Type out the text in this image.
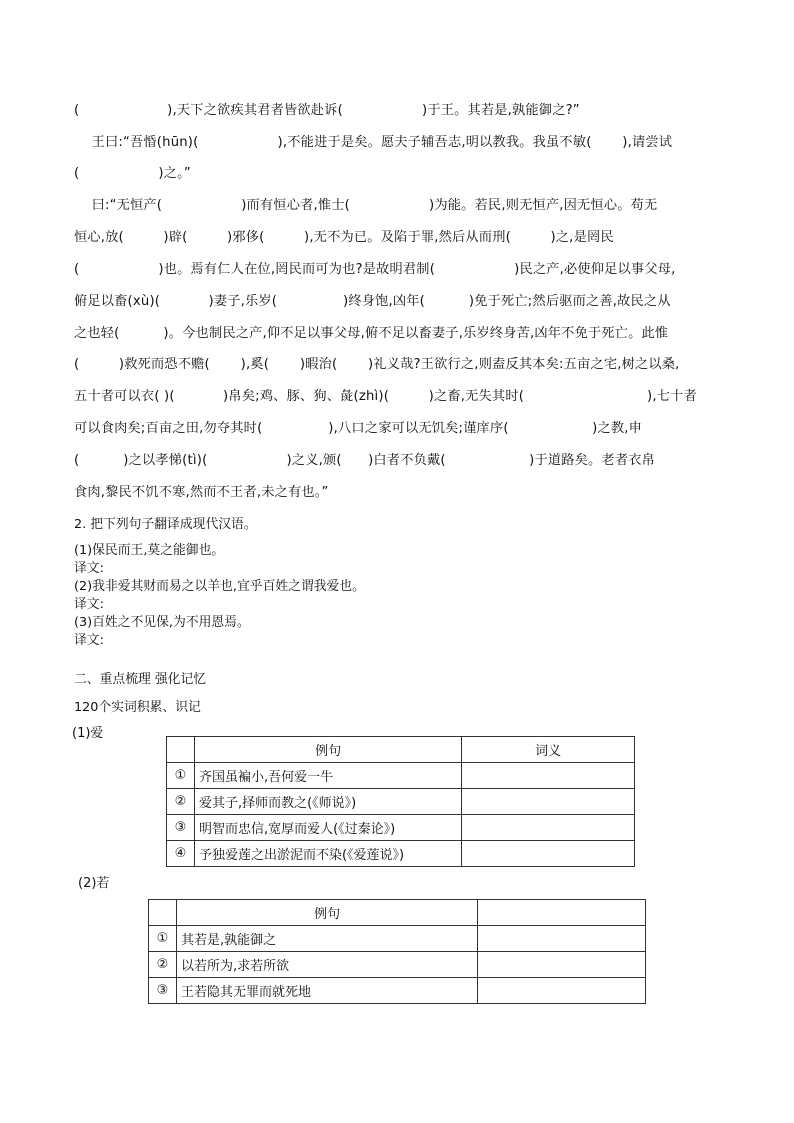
(                    ),天下之欲疾其君者皆欲赴诉(                  )于王。其若是,孰能御之?”
王曰:“吾惛(hūn)(                  ),不能进于是矣。愿夫子辅吾志,明以教我。我虽不敏(       ),请尝试
(                  )之。”
曰:“无恒产(                  )而有恒心者,惟士(                  )为能。若民,则无恒产,因无恒心。苟无
恒心,放(         )辟(         )邪侈(         ),无不为已。及陷于罪,然后从而刑(         )之,是罔民
(                  )也。焉有仁人在位,罔民而可为也?是故明君制(                  )民之产,必使仰足以事父母,
俯足以畜(xù)(           )妻子,乐岁(               )终身饱,凶年(          )免于死亡;然后驱而之善,故民之从
之也轻(          )。今也制民之产,仰不足以事父母,俯不足以畜妻子,乐岁终身苦,凶年不免于死亡。此惟
(         )救死而恐不赡(       ),奚(       )暇治(       )礼义哉?王欲行之,则盍反其本矣:五亩之宅,树之以桑,
五十者可以衣( )(           )帛矣;鸡、豚、狗、彘(zhì)(         )之畜,无失其时(                            ),七十者
可以食肉矣;百亩之田,勿夺其时(               ),八口之家可以无饥矣;谨庠序(                   )之教,申
(          )之以孝悌(tì)(                  )之义,颁(      )白者不负戴(                   )于道路矣。老者衣帛
食肉,黎民不饥不寒,然而不王者,未之有也。”
2. 把下列句子翻译成现代汉语。
(1)保民而王,莫之能御也。
译文:
(2)我非爱其财而易之以羊也,宜乎百姓之谓我爱也。
译文:
(3)百姓之不见保,为不用恩焉。
译文:
二、重点梳理 强化记忆
120个实词积累、识记
(1)爱
	例句	词义
①	齐国虽褊小,吾何爱一牛	
②	爱其子,择师而教之(《师说》)	
③	明智而忠信,宽厚而爱人(《过秦论》)	
④	予独爱莲之出淤泥而不染(《爱莲说》)	
(2)若
	例句	
①	其若是,孰能御之	
②	以若所为,求若所欲	
③	王若隐其无罪而就死地	
